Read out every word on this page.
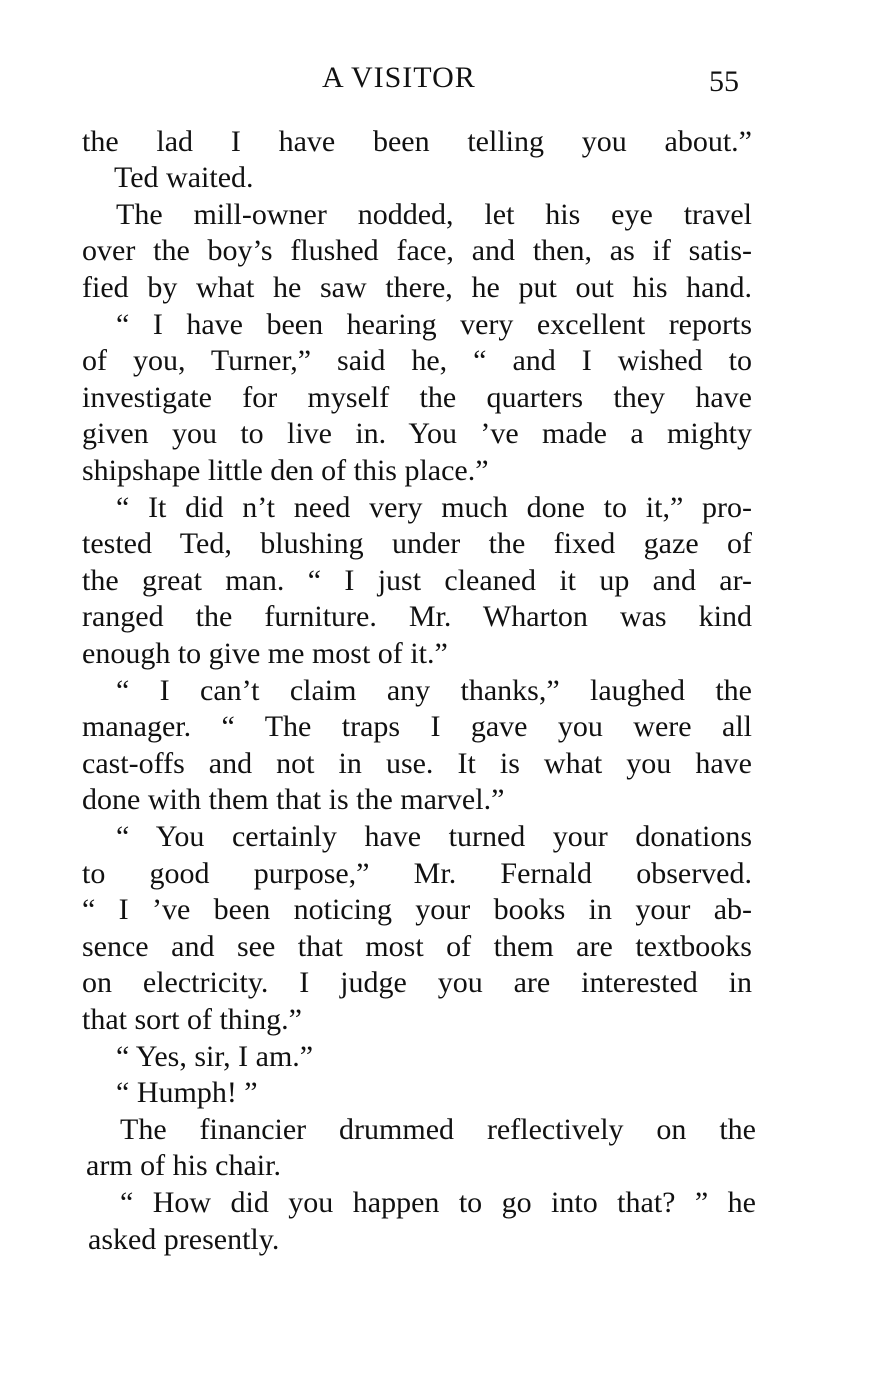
A VISITOR	55
the lad I have been telling you about.”
Ted waited.
The mill-owner nodded, let his eye travel
over the boy’s flushed face, and then, as if satis-
fied by what he saw there, he put out his hand.
“ I have been hearing very excellent reports
of you, Turner,” said he, “ and I wished to
investigate for myself the quarters they have
given you to live in. You ’ve made a mighty
shipshape little den of this place.”
“ It did n’t need very much done to it,” pro-
tested Ted, blushing under the fixed gaze of
the great man. “ I just cleaned it up and ar-
ranged the furniture. Mr. Wharton was kind
enough to give me most of it.”
“ I can’t claim any thanks,” laughed the
manager. “ The traps I gave you were all
cast-offs and not in use. It is what you have
done with them that is the marvel.”
“ You certainly have turned your donations
to good purpose,” Mr. Fernald observed.
“ I ’ve been noticing your books in your ab-
sence and see that most of them are textbooks
on electricity. I judge you are interested in
that sort of thing.”
“ Yes, sir, I am.”
“ Humph! ”
The financier drummed reflectively on the
arm of his chair.
“ How did you happen to go into that? ” he
asked presently.
